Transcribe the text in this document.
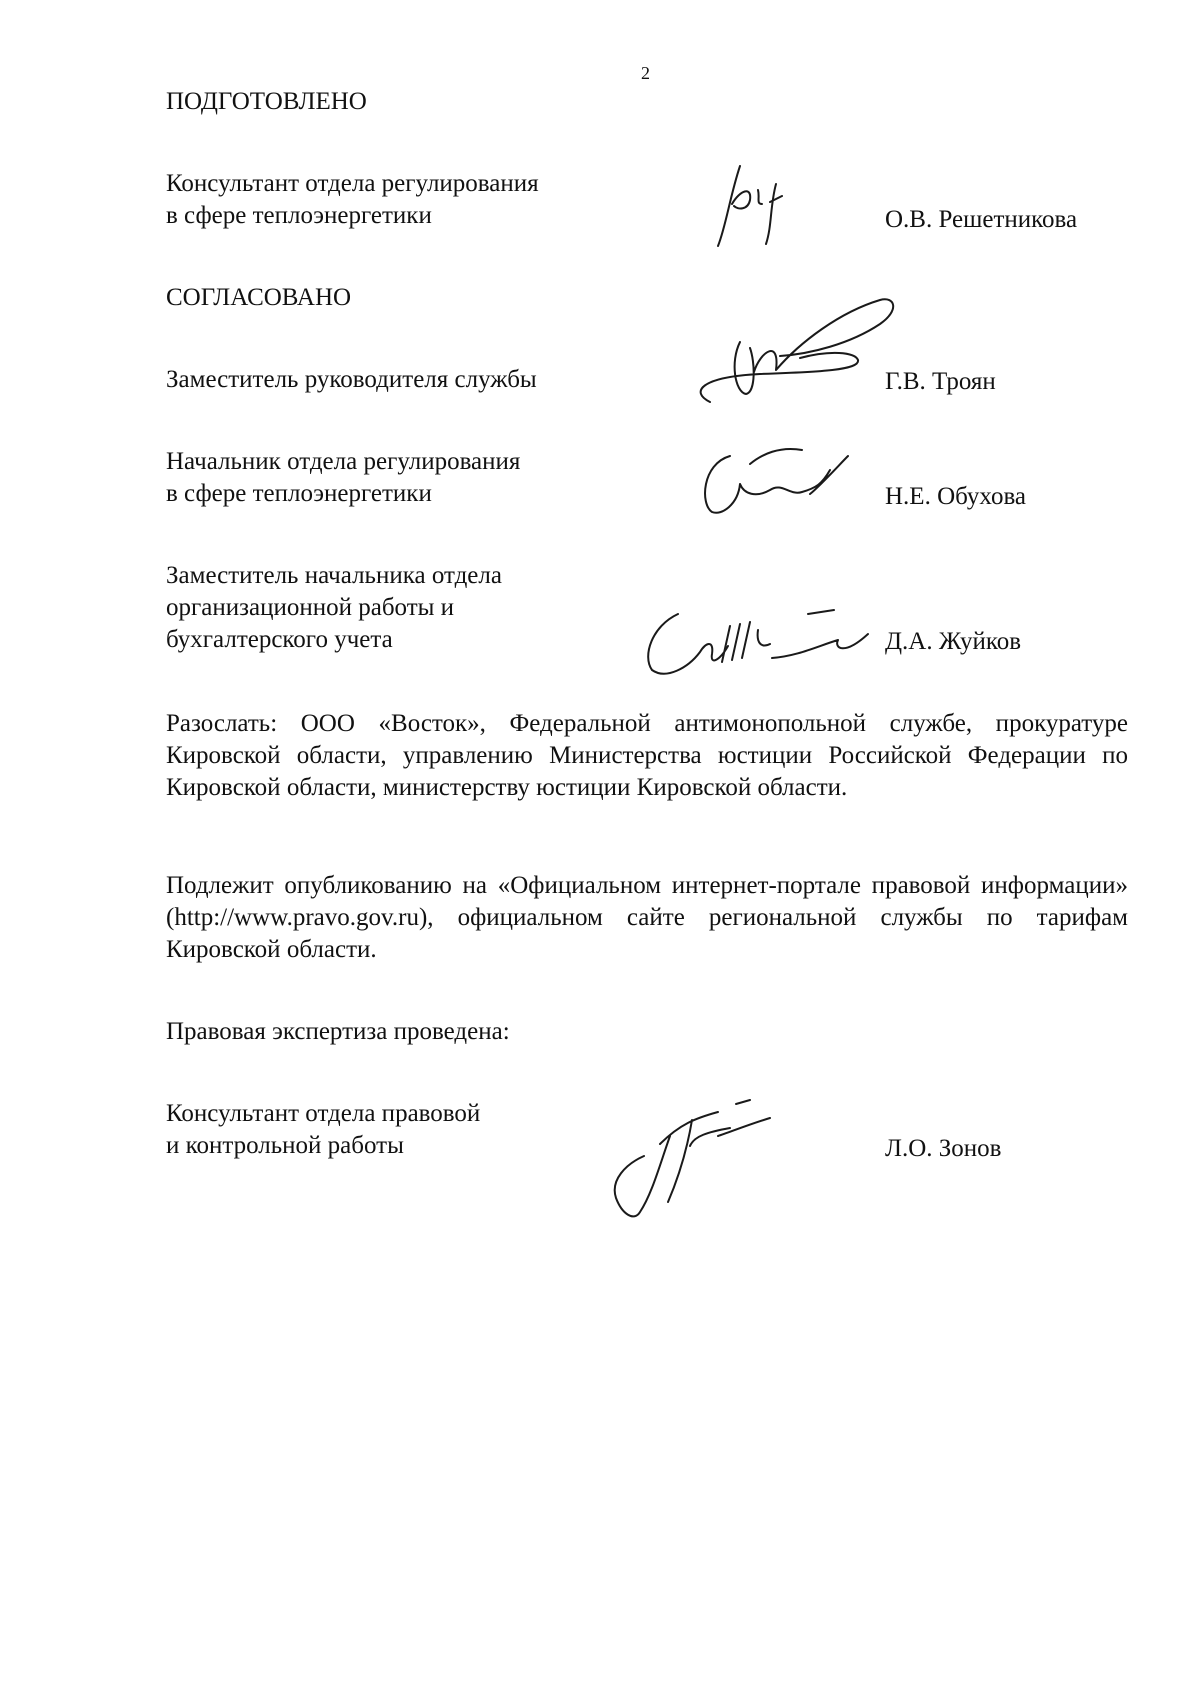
2
ПОДГОТОВЛЕНО
Консультант отдела регулирования
в сфере теплоэнергетики	О.В. Решетникова
СОГЛАСОВАНО
Заместитель руководителя службы	Г.В. Троян
Начальник отдела регулирования
в сфере теплоэнергетики	Н.Е. Обухова
Заместитель начальника отдела
организационной работы и
бухгалтерского учета	Д.А. Жуйков
Разослать: ООО «Восток», Федеральной антимонопольной службе, прокуратуре Кировской области, управлению Министерства юстиции Российской Федерации по Кировской области, министерству юстиции Кировской области.
Подлежит опубликованию на «Официальном интернет-портале правовой информации» (http://www.pravo.gov.ru), официальном сайте региональной службы по тарифам Кировской области.
Правовая экспертиза проведена:
Консультант отдела правовой
и контрольной работы	Л.О. Зонов
